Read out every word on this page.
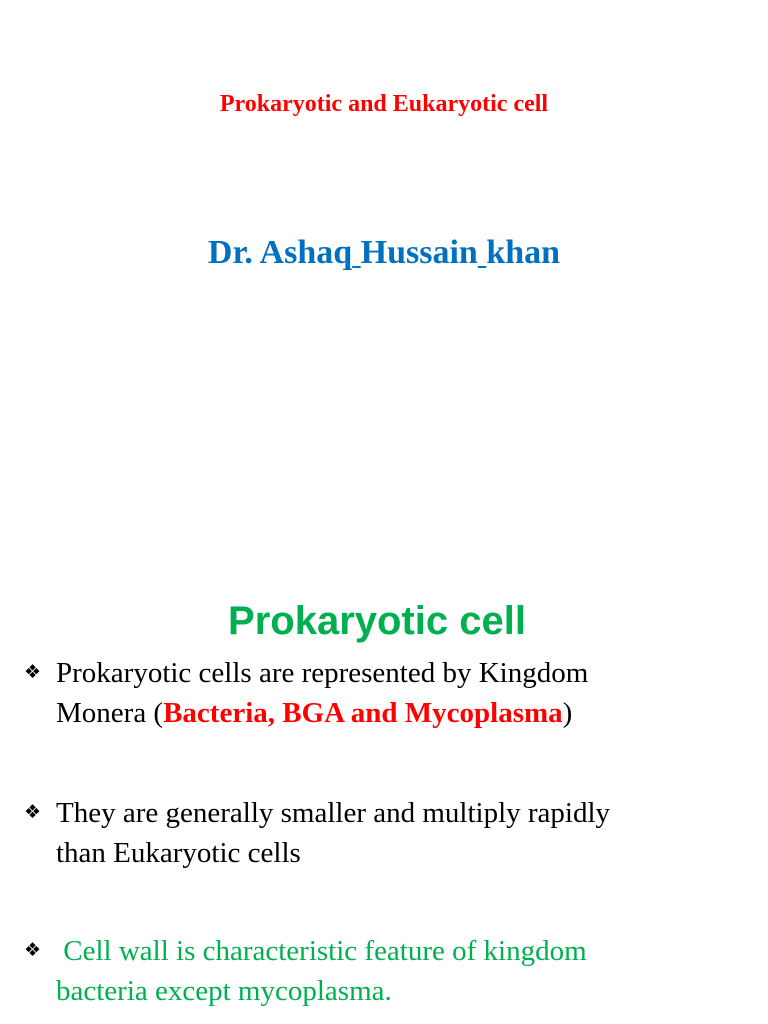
Prokaryotic and Eukaryotic cell
Dr. Ashaq Hussain khan
Prokaryotic cell
❖ Prokaryotic cells are represented by Kingdom
Monera (Bacteria, BGA and Mycoplasma)
❖ They are generally smaller and multiply rapidly
than Eukaryotic cells
❖ Cell wall is characteristic feature of kingdom
bacteria except mycoplasma.
